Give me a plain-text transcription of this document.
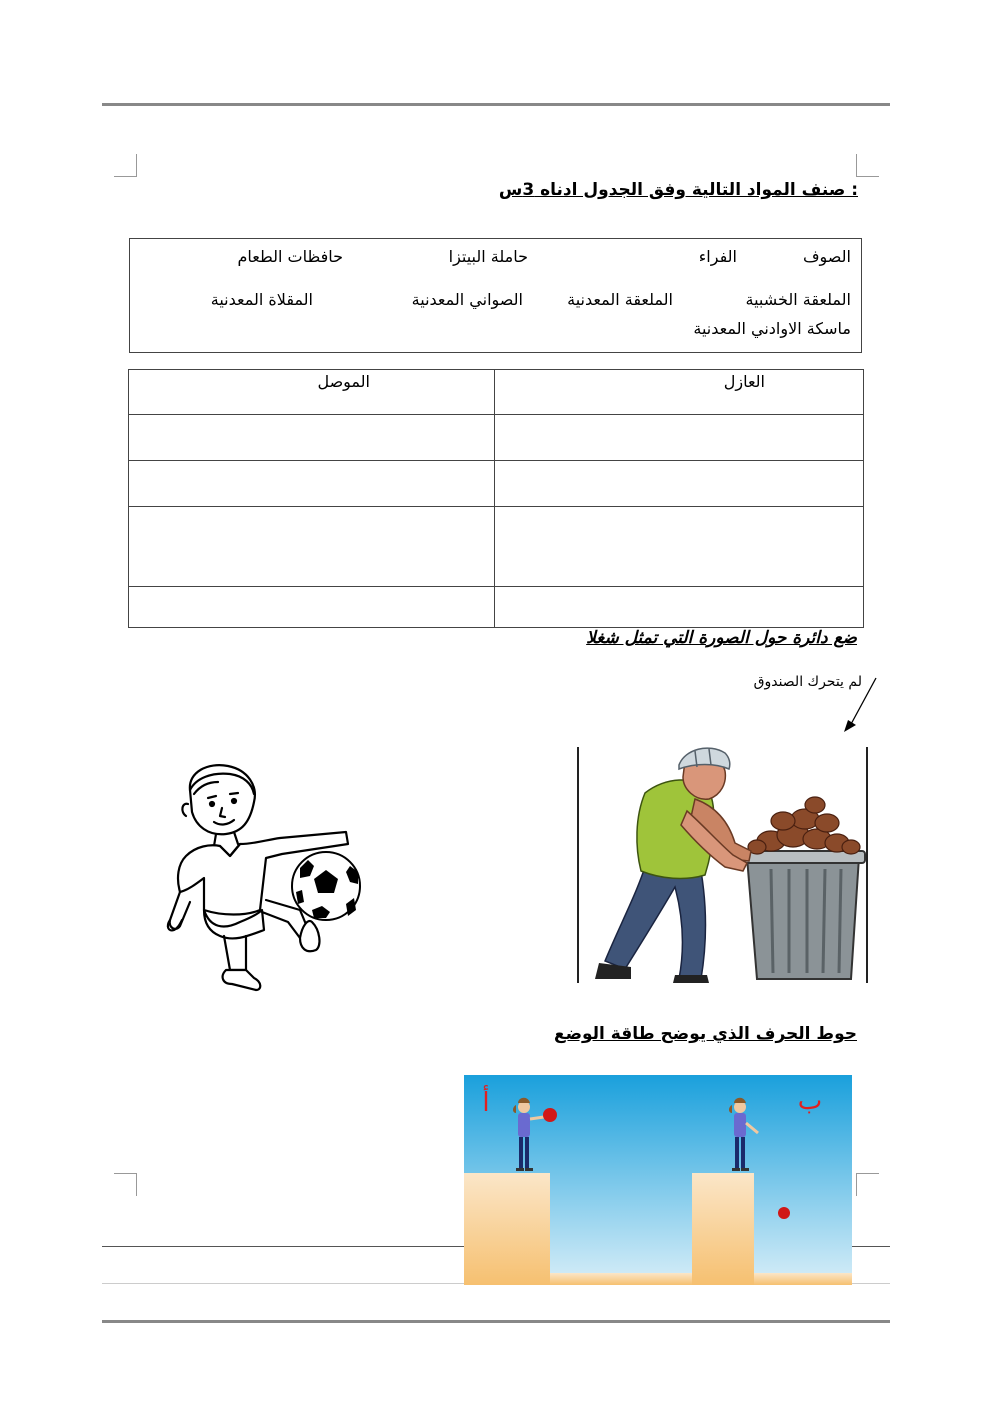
: صنف المواد التالية وفق الجدول ادناه 3س
الصوف
الفراء
حاملة البيتزا
حافظات الطعام
الملعقة الخشبية
الملعقة المعدنية
الصواني المعدنية
المقلاة المعدنية
ماسكة الاوادني المعدنية
العازل	الموصل

ضع دائرة حول الصورة التي تمثل شغلا
لم يتحرك الصندوق
حوط الحرف الذي يوضح طاقة الوضع
أ	ب
